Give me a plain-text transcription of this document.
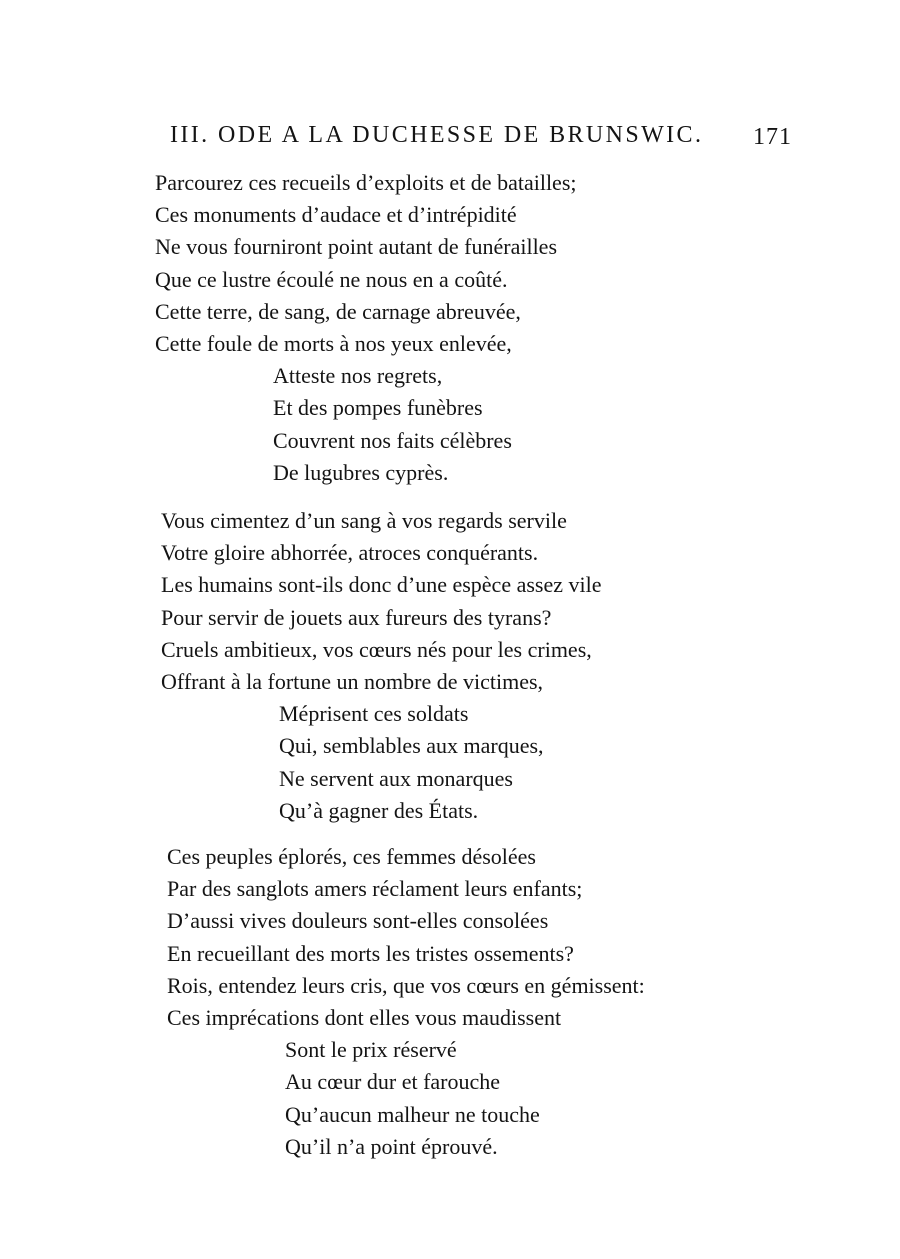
III. ODE A LA DUCHESSE DE BRUNSWIC. 171
Parcourez ces recueils d’exploits et de batailles;
Ces monuments d’audace et d’intrépidité
Ne vous fourniront point autant de funérailles
Que ce lustre écoulé ne nous en a coûté.
Cette terre, de sang, de carnage abreuvée,
Cette foule de morts à nos yeux enlevée,
Atteste nos regrets,
Et des pompes funèbres
Couvrent nos faits célèbres
De lugubres cyprès.
Vous cimentez d’un sang à vos regards servile
Votre gloire abhorrée, atroces conquérants.
Les humains sont-ils donc d’une espèce assez vile
Pour servir de jouets aux fureurs des tyrans?
Cruels ambitieux, vos cœurs nés pour les crimes,
Offrant à la fortune un nombre de victimes,
Méprisent ces soldats
Qui, semblables aux marques,
Ne servent aux monarques
Qu’à gagner des États.
Ces peuples éplorés, ces femmes désolées
Par des sanglots amers réclament leurs enfants;
D’aussi vives douleurs sont-elles consolées
En recueillant des morts les tristes ossements?
Rois, entendez leurs cris, que vos cœurs en gémissent:
Ces imprécations dont elles vous maudissent
Sont le prix réservé
Au cœur dur et farouche
Qu’aucun malheur ne touche
Qu’il n’a point éprouvé.
